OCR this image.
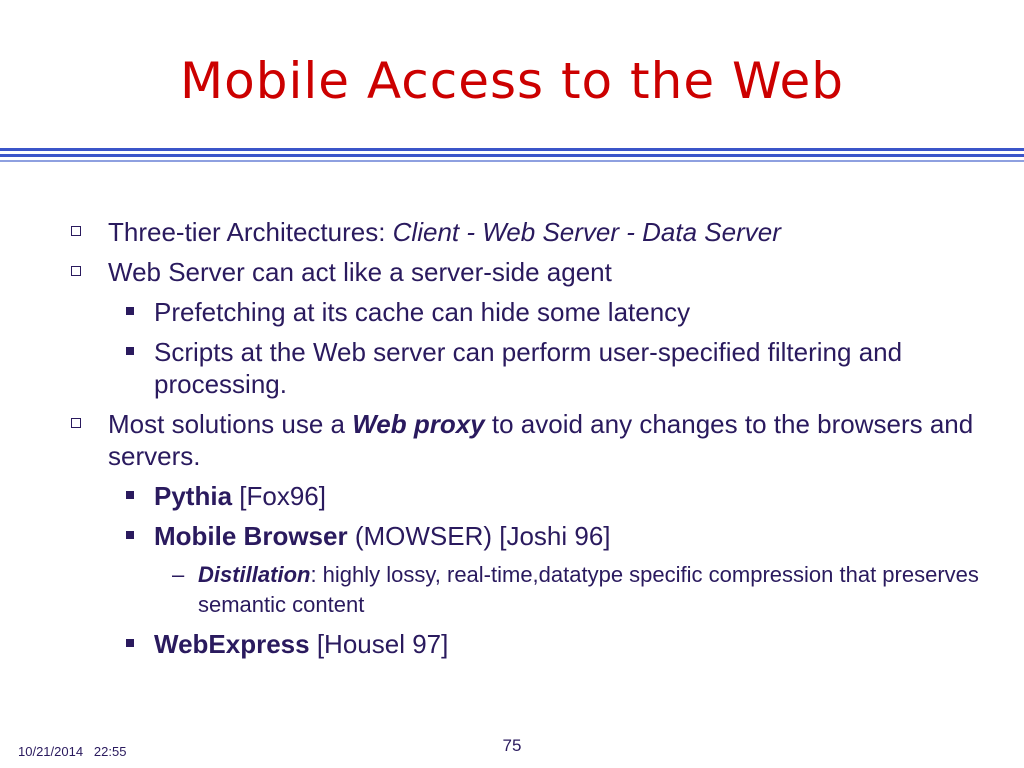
Mobile Access to the Web
Three-tier Architectures: Client - Web Server - Data Server
Web Server can act like a server-side agent
Prefetching at its cache can hide some latency
Scripts at the Web server can perform user-specified filtering and processing.
Most solutions use a Web proxy to avoid any changes to the browsers and servers.
Pythia [Fox96]
Mobile Browser (MOWSER) [Joshi 96]
– Distillation: highly lossy, real-time,datatype specific compression that preserves semantic content
WebExpress [Housel 97]
10/21/2014   22:55	75
